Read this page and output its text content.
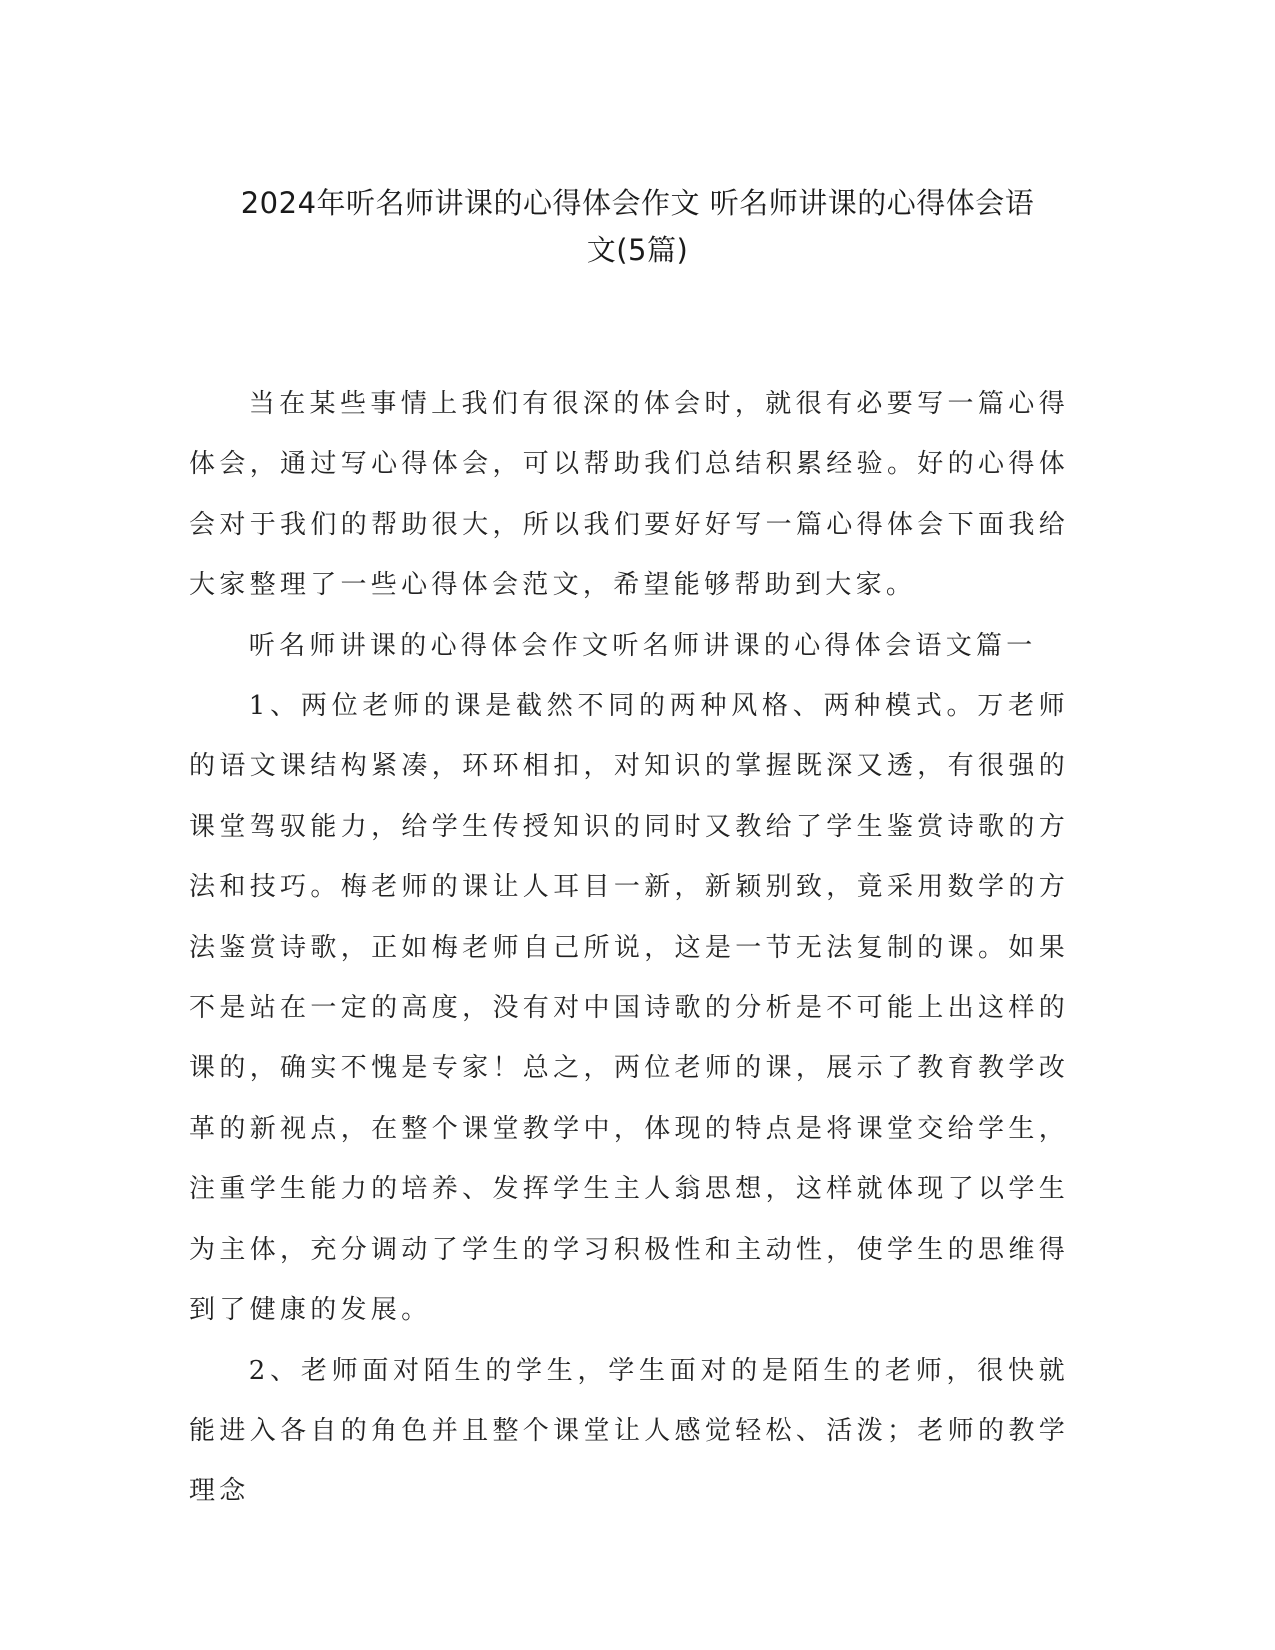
2024年听名师讲课的心得体会作文 听名师讲课的心得体会语
文(5篇)

当在某些事情上我们有很深的体会时，就很有必要写一篇心得体会，通过写心得体会，可以帮助我们总结积累经验。好的心得体会对于我们的帮助很大，所以我们要好好写一篇心得体会下面我给大家整理了一些心得体会范文，希望能够帮助到大家。

听名师讲课的心得体会作文听名师讲课的心得体会语文篇一

1、两位老师的课是截然不同的两种风格、两种模式。万老师的语文课结构紧凑，环环相扣，对知识的掌握既深又透，有很强的课堂驾驭能力，给学生传授知识的同时又教给了学生鉴赏诗歌的方法和技巧。梅老师的课让人耳目一新，新颖别致，竟采用数学的方法鉴赏诗歌，正如梅老师自己所说，这是一节无法复制的课。如果不是站在一定的高度，没有对中国诗歌的分析是不可能上出这样的课的，确实不愧是专家！总之，两位老师的课，展示了教育教学改革的新视点，在整个课堂教学中，体现的特点是将课堂交给学生，注重学生能力的培养、发挥学生主人翁思想，这样就体现了以学生为主体，充分调动了学生的学习积极性和主动性，使学生的思维得到了健康的发展。

2、老师面对陌生的学生，学生面对的是陌生的老师，很快就能进入各自的角色并且整个课堂让人感觉轻松、活泼；老师的教学理念
